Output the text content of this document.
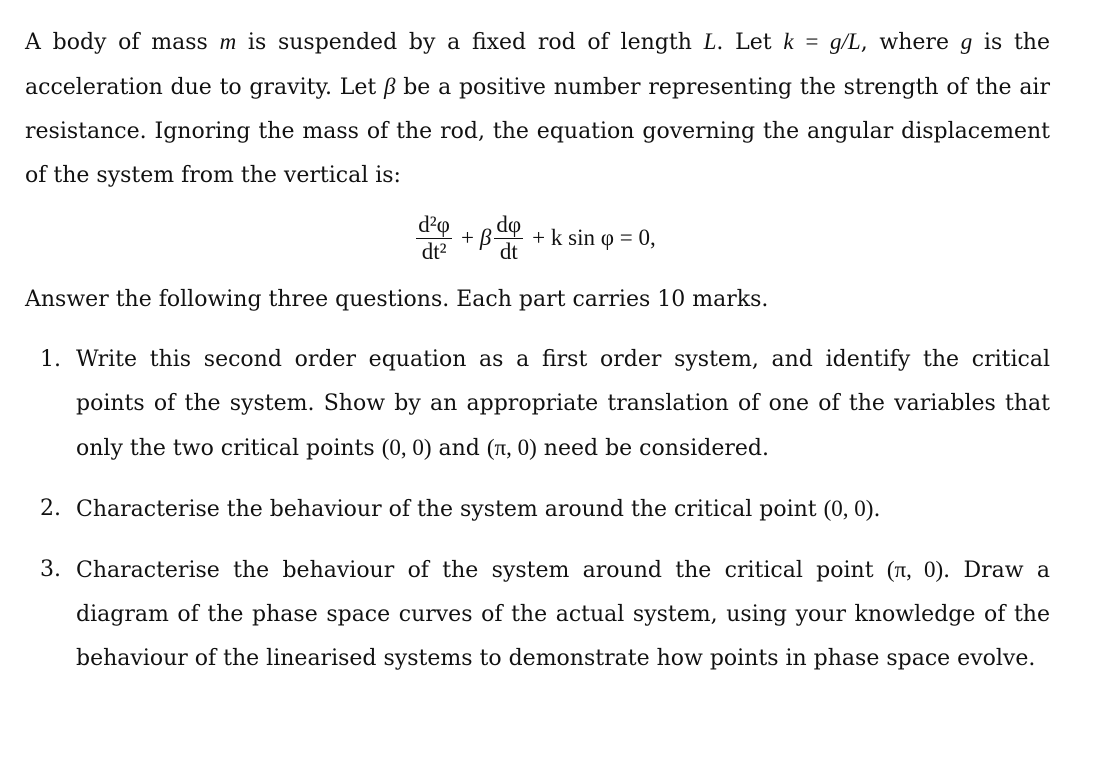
A body of mass m is suspended by a fixed rod of length L. Let k = g/L, where g is the acceleration due to gravity. Let β be a positive number representing the strength of the air resistance. Ignoring the mass of the rod, the equation governing the angular displacement of the system from the vertical is:

$\frac{\text{d²φ}}{\text{dt²}} + \beta \frac{d\varphi}{dt} + k$ sin φ = 0,

Answer the following three questions. Each part carries 10 marks.

1. Write this second order equation as a first order system, and identify the critical points of the system. Show by an appropriate translation of one of the variables that only the two critical points (0, 0) and (π, 0) need be considered.
2. Characterise the behaviour of the system around the critical point (0, 0).
3. Characterise the behaviour of the system around the critical point (π, 0). Draw a diagram of the phase space curves of the actual system, using your knowledge of the behaviour of the linearised systems to demonstrate how points in phase space evolve.
